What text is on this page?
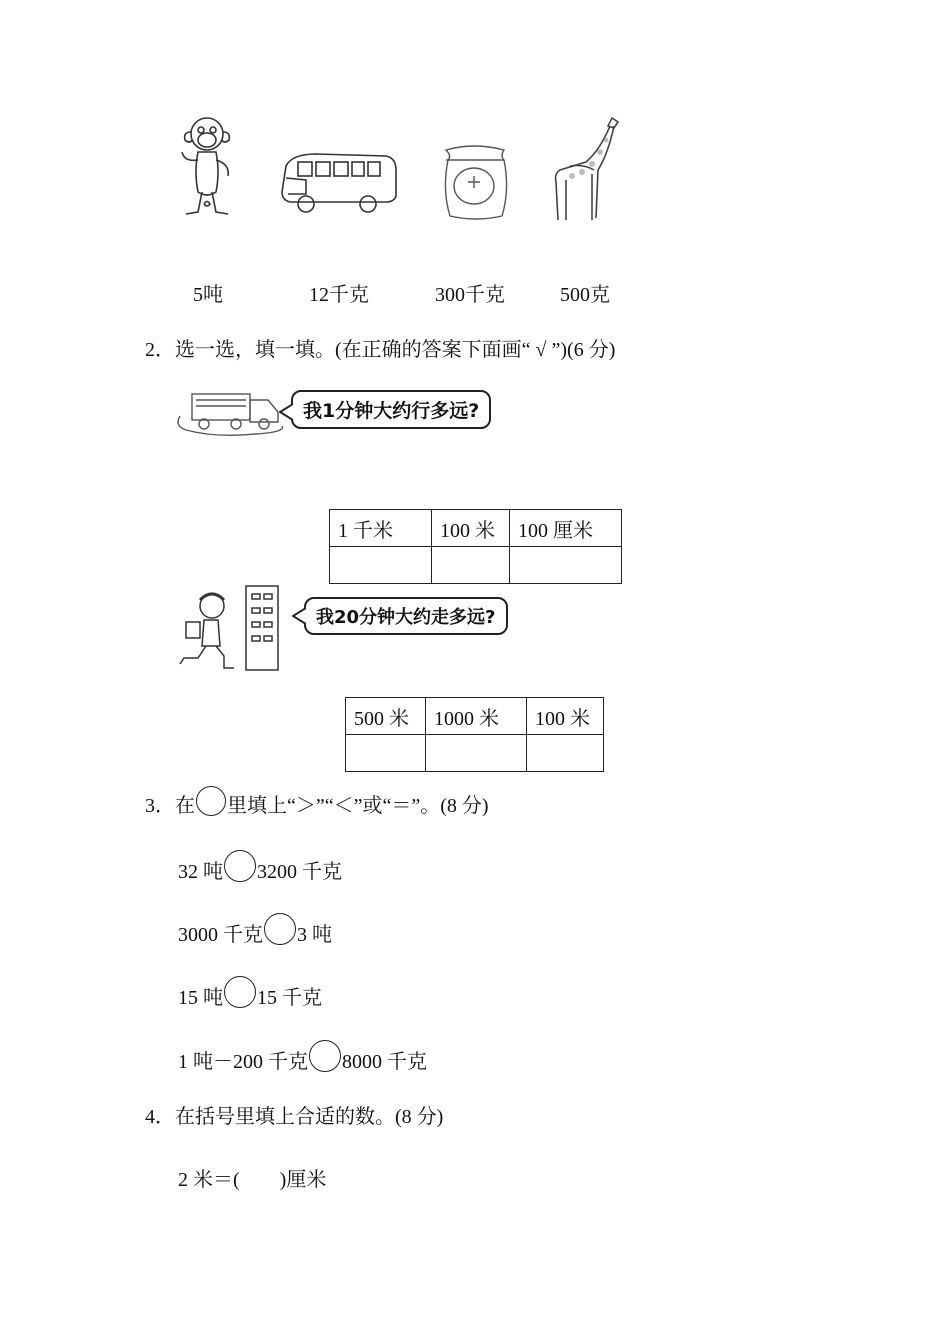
5吨	12千克	300千克	500克
2．选一选，填一填。(在正确的答案下面画“ √ ”)(6 分)
我1分钟大约行多远?
1 千米	100 米	100 厘米

我20分钟大约走多远?
500 米	1000 米	100 米

3．在 里填上“＞”“＜”或“＝”。(8 分)
32 吨 3200 千克
3000 千克 3 吨
15 吨 15 千克
1 吨－200 千克 8000 千克
4．在括号里填上合适的数。(8 分)
2 米＝(　　)厘米
